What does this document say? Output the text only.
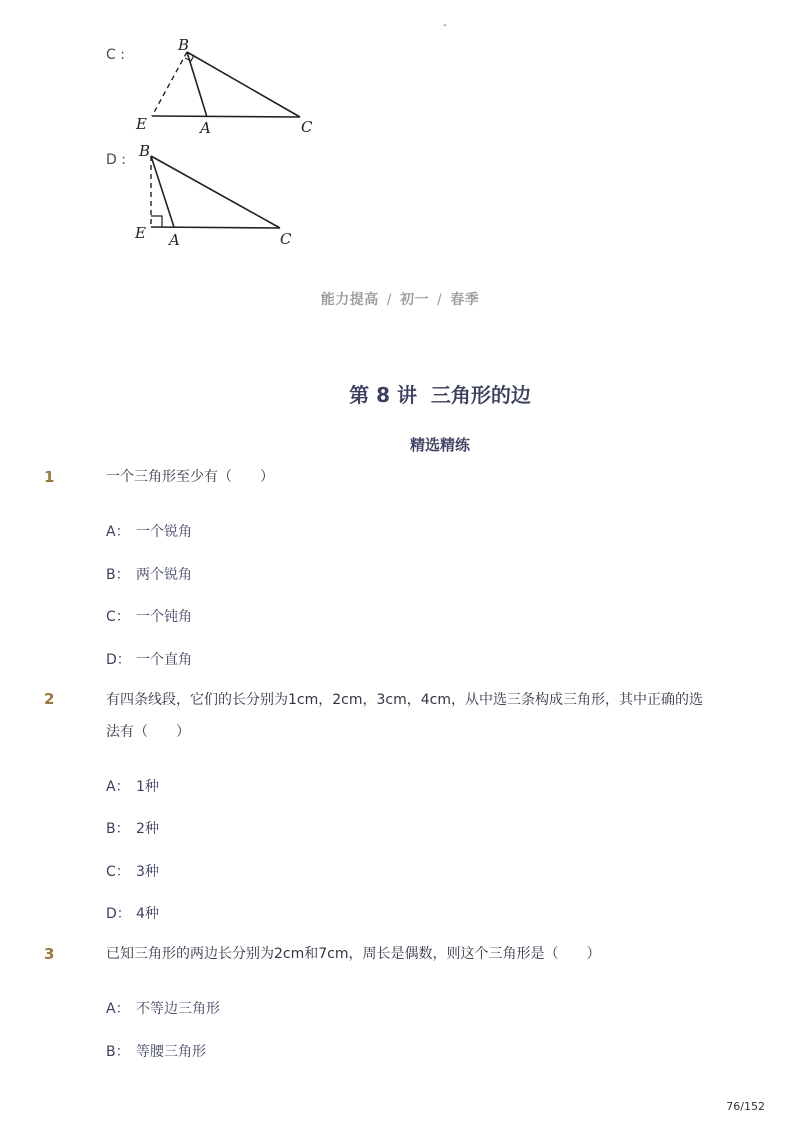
-
C :
B
E	A	C
D : B
E A	C
能力提高 / 初一 / 春季
第 8 讲  三角形的边
精选精练
1	一个三角形至少有（　　）
A： 一个锐角
B： 两个锐角
C： 一个钝角
D： 一个直角
2	有四条线段，它们的长分别为1cm，2cm，3cm，4cm，从中选三条构成三角形，其中正确的选
法有（　　）
A： 1种
B： 2种
C： 3种
D： 4种
3	已知三角形的两边长分别为2cm和7cm，周长是偶数，则这个三角形是（　　）
A： 不等边三角形
B： 等腰三角形
76/152
